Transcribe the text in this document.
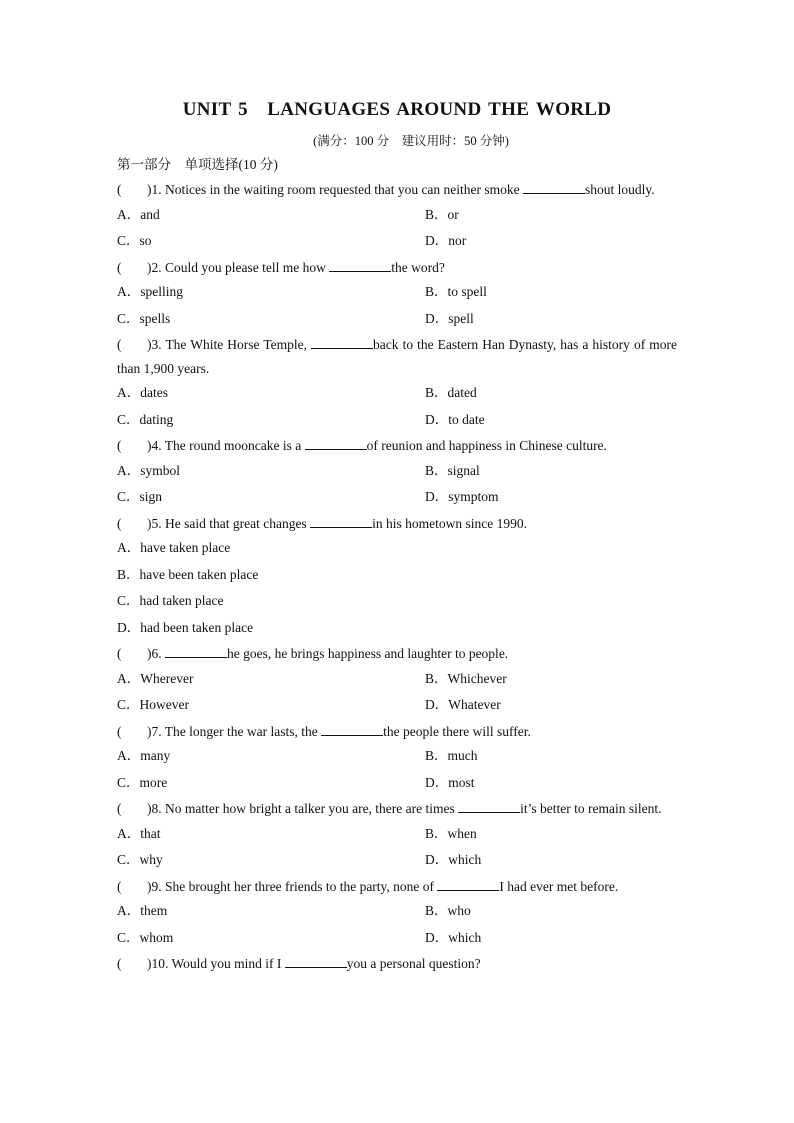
UNIT 5　LANGUAGES AROUND THE WORLD
(满分：100 分　建议用时：50 分钟)
第一部分　单项选择(10 分)
( )1. Notices in the waiting room requested that you can neither smoke	shout loudly.
A．and	B．or
C．so	D．nor
( )2. Could you please tell me how	the word?
A．spelling	B．to spell
C．spells	D．spell
( )3. The White Horse Temple,	back to the Eastern Han Dynasty, has a history of more than 1,900 years.
A．dates	B．dated
C．dating	D．to date
( )4. The round mooncake is a	of reunion and happiness in Chinese culture.
A．symbol	B．signal
C．sign	D．symptom
( )5. He said that great changes	in his hometown since 1990.
A．have taken place
B．have been taken place
C．had taken place
D．had been taken place
( )6.	he goes, he brings happiness and laughter to people.
A．Wherever	B．Whichever
C．However	D．Whatever
( )7. The longer the war lasts, the	the people there will suffer.
A．many	B．much
C．more	D．most
( )8. No matter how bright a talker you are, there are times	it’s better to remain silent.
A．that	B．when
C．why	D．which
( )9. She brought her three friends to the party, none of	I had ever met before.
A．them	B．who
C．whom	D．which
( )10. Would you mind if I	you a personal question?
